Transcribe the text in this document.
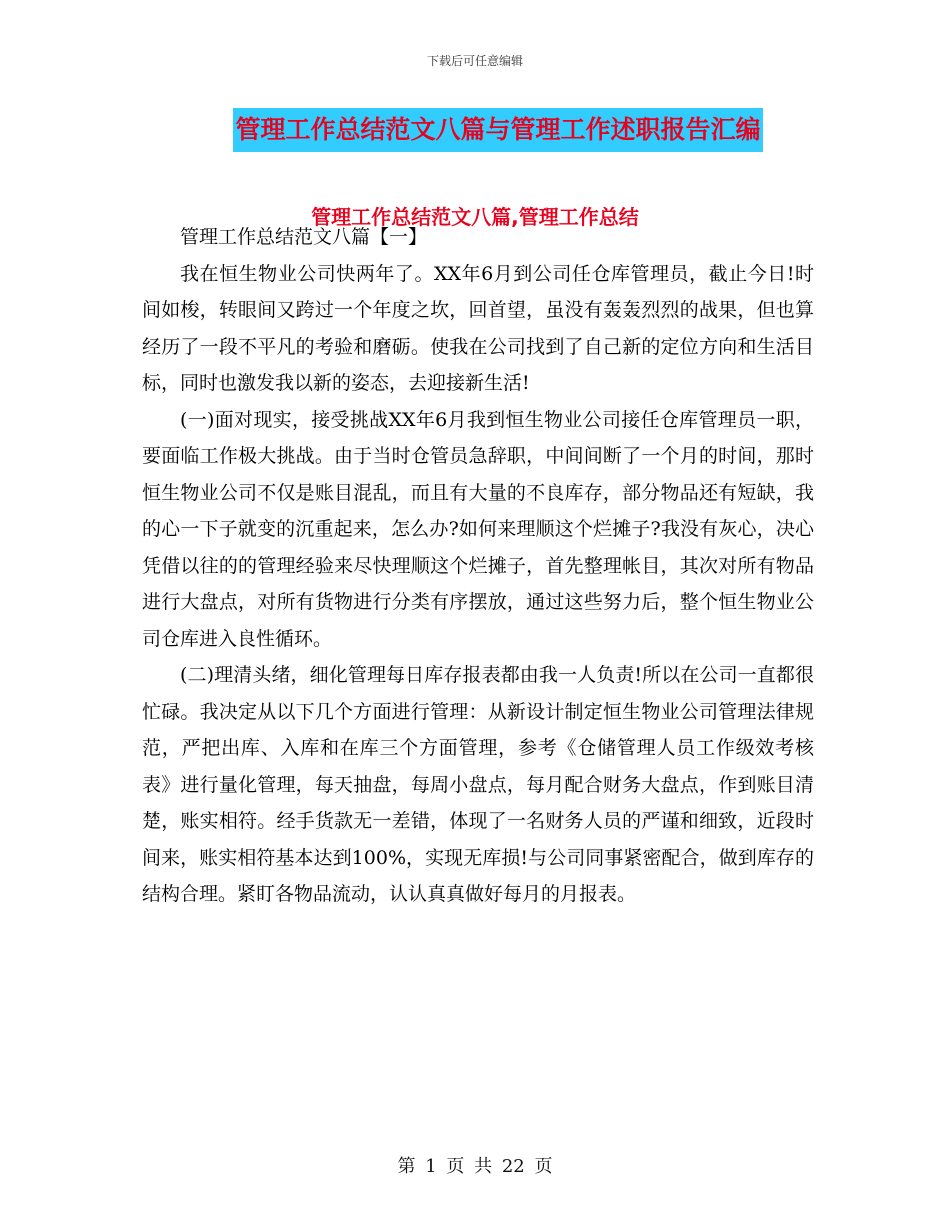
下载后可任意编辑
管理工作总结范文八篇与管理工作述职报告汇编
管理工作总结范文八篇,管理工作总结

管理工作总结范文八篇【一】

我在恒生物业公司快两年了。XX年6月到公司任仓库管理员，截止今日!时间如梭，转眼间又跨过一个年度之坎，回首望，虽没有轰轰烈烈的战果，但也算经历了一段不平凡的考验和磨砺。使我在公司找到了自己新的定位方向和生活目标，同时也激发我以新的姿态，去迎接新生活!

(一)面对现实，接受挑战XX年6月我到恒生物业公司接任仓库管理员一职，要面临工作极大挑战。由于当时仓管员急辞职，中间间断了一个月的时间，那时恒生物业公司不仅是账目混乱，而且有大量的不良库存，部分物品还有短缺，我的心一下子就变的沉重起来，怎么办?如何来理顺这个烂摊子?我没有灰心，决心凭借以往的的管理经验来尽快理顺这个烂摊子，首先整理帐目，其次对所有物品进行大盘点，对所有货物进行分类有序摆放，通过这些努力后，整个恒生物业公司仓库进入良性循环。

(二)理清头绪，细化管理每日库存报表都由我一人负责!所以在公司一直都很忙碌。我决定从以下几个方面进行管理：从新设计制定恒生物业公司管理法律规范，严把出库、入库和在库三个方面管理，参考《仓储管理人员工作级效考核表》进行量化管理，每天抽盘，每周小盘点，每月配合财务大盘点，作到账目清楚，账实相符。经手货款无一差错，体现了一名财务人员的严谨和细致，近段时间来，账实相符基本达到100%，实现无库损!与公司同事紧密配合，做到库存的结构合理。紧盯各物品流动，认认真真做好每月的月报表。

第 1 页 共 22 页
